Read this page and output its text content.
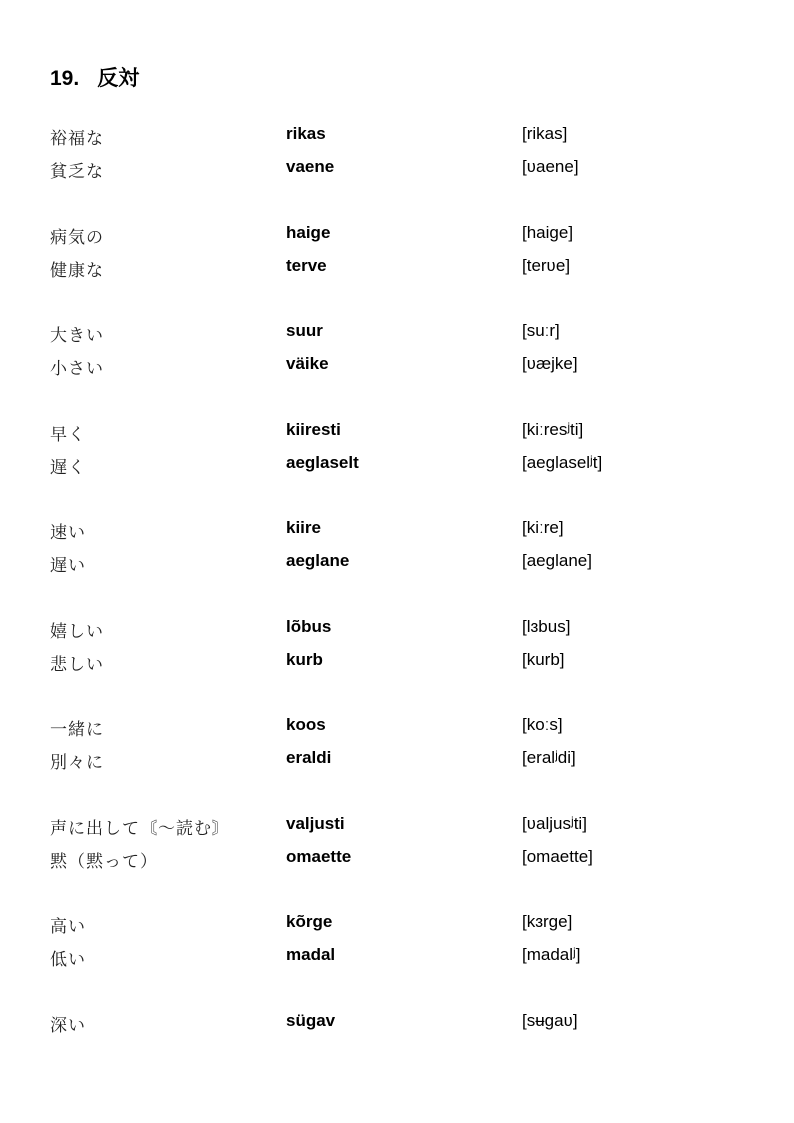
19. 反対
裕福な	rikas	[rikas]
貧乏な	vaene	[ʋaene]
病気の	haige	[haige]
健康な	terve	[terʋe]
大きい	suur	[suːr]
小さい	väike	[ʋæjke]
早く	kiiresti	[kiːresʲti]
遅く	aeglaselt	[aeglaselʲt]
速い	kiire	[kiːre]
遅い	aeglane	[aeglane]
嬉しい	lõbus	[lɜbus]
悲しい	kurb	[kurb]
一緒に	koos	[koːs]
別々に	eraldi	[eralʲdi]
声に出して〘～読む〙	valjusti	[ʋaljusʲti]
黙（黙って）	omaette	[omaette]
高い	kõrge	[kɜrge]
低い	madal	[madalʲ]
深い	sügav	[sʉgaʋ]
